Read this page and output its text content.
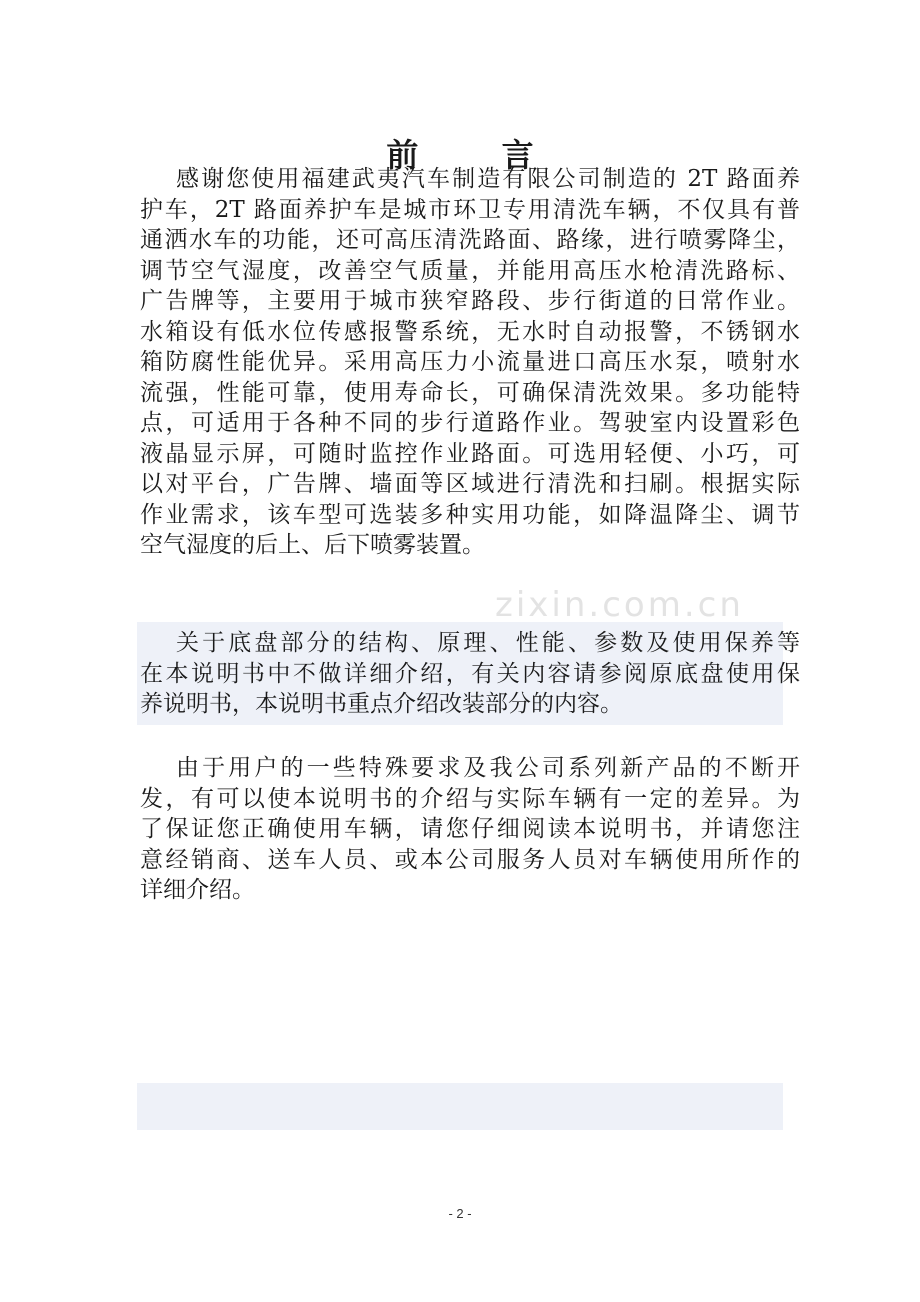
zixin.com.cn
前 言
感谢您使用福建武夷汽车制造有限公司制造的 2T 路面养
护车，2T 路面养护车是城市环卫专用清洗车辆，不仅具有普
通洒水车的功能，还可高压清洗路面、路缘，进行喷雾降尘，
调节空气湿度，改善空气质量，并能用高压水枪清洗路标、
广告牌等，主要用于城市狭窄路段、步行街道的日常作业。
水箱设有低水位传感报警系统，无水时自动报警，不锈钢水
箱防腐性能优异。采用高压力小流量进口高压水泵，喷射水
流强，性能可靠，使用寿命长，可确保清洗效果。多功能特
点，可适用于各种不同的步行道路作业。驾驶室内设置彩色
液晶显示屏，可随时监控作业路面。可选用轻便、小巧，可
以对平台，广告牌、墙面等区域进行清洗和扫刷。根据实际
作业需求，该车型可选装多种实用功能，如降温降尘、调节
空气湿度的后上、后下喷雾装置。
关于底盘部分的结构、原理、性能、参数及使用保养等
在本说明书中不做详细介绍，有关内容请参阅原底盘使用保
养说明书，本说明书重点介绍改装部分的内容。
由于用户的一些特殊要求及我公司系列新产品的不断开
发，有可以使本说明书的介绍与实际车辆有一定的差异。为
了保证您正确使用车辆，请您仔细阅读本说明书，并请您注
意经销商、送车人员、或本公司服务人员对车辆使用所作的
详细介绍。
- 2 -
